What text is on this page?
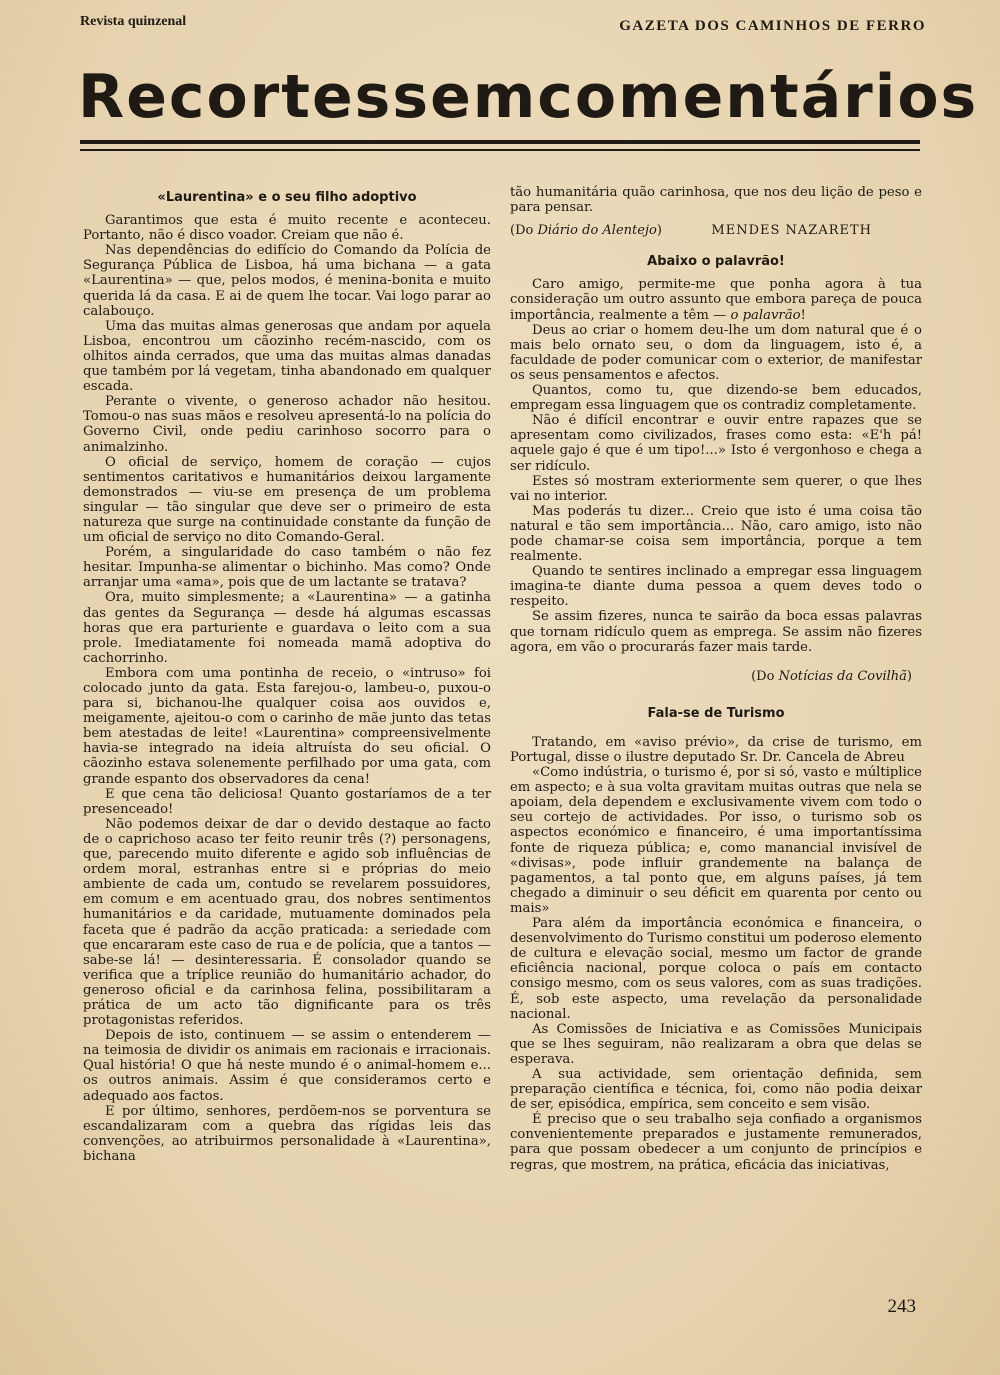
Revista quinzenal	GAZETA DOS CAMINHOS DE FERRO
Recortes sem comentários
«Laurentina» e o seu filho adoptivo

Garantimos que esta é muito recente e aconteceu. Portanto, não é disco voador. Creiam que não é.

Nas dependências do edifício do Comando da Polícia de Segurança Pública de Lisboa, há uma bichana — a gata «Laurentina» — que, pelos modos, é menina-bonita e muito querida lá da casa. E ai de quem lhe tocar. Vai logo parar ao calabouço.

Uma das muitas almas generosas que andam por aquela Lisboa, encontrou um cãozinho recém-nascido, com os olhitos ainda cerrados, que uma das muitas almas danadas que também por lá vegetam, tinha abandonado em qualquer escada.

Perante o vivente, o generoso achador não hesitou. Tomou-o nas suas mãos e resolveu apresentá-lo na polícia do Governo Civil, onde pediu carinhoso socorro para o animalzinho.

O oficial de serviço, homem de coração — cujos sentimentos caritativos e humanitários deixou largamente demonstrados — viu-se em presença de um problema singular — tão singular que deve ser o primeiro de esta natureza que surge na continuidade constante da função de um oficial de serviço no dito Comando-Geral.

Porém, a singularidade do caso também o não fez hesitar. Impunha-se alimentar o bichinho. Mas como? Onde arranjar uma «ama», pois que de um lactante se tratava?

Ora, muito simplesmente; a «Laurentina» — a gatinha das gentes da Segurança — desde há algumas escassas horas que era parturiente e guardava o leito com a sua prole. Imediatamente foi nomeada mamã adoptiva do cachorrinho.

Embora com uma pontinha de receio, o «intruso» foi colocado junto da gata. Esta farejou-o, lambeu-o, puxou-o para si, bichanou-lhe qualquer coisa aos ouvidos e, meigamente, ajeitou-o com o carinho de mãe junto das tetas bem atestadas de leite! «Laurentina» compreensivelmente havia-se integrado na ideia altruísta do seu oficial. O cãozinho estava solenemente perfilhado por uma gata, com grande espanto dos observadores da cena!

E que cena tão deliciosa! Quanto gostaríamos de a ter presenceado!

Não podemos deixar de dar o devido destaque ao facto de o caprichoso acaso ter feito reunir três (?) personagens, que, parecendo muito diferente e agido sob influências de ordem moral, estranhas entre si e próprias do meio ambiente de cada um, contudo se revelarem possuidores, em comum e em acentuado grau, dos nobres sentimentos humanitários e da caridade, mutuamente dominados pela faceta que é padrão da acção praticada: a seriedade com que encararam este caso de rua e de polícia, que a tantos — sabe-se lá! — desinteressaria. É consolador quando se verifica que a tríplice reunião do humanitário achador, do generoso oficial e da carinhosa felina, possibilitaram a prática de um acto tão dignificante para os três protagonistas referidos.

Depois de isto, continuem — se assim o entenderem — na teimosia de dividir os animais em racionais e irracionais. Qual história! O que há neste mundo é o animal-homem e... os outros animais. Assim é que consideramos certo e adequado aos factos.

E por último, senhores, perdõem-nos se porventura se escandalizaram com a quebra das rígidas leis das convenções, ao atribuirmos personalidade à «Laurentina», bichana

tão humanitária quão carinhosa, que nos deu lição de peso e para pensar.

(Do Diário do Alentejo)	MENDES NAZARETH
Abaixo o palavrão!

Caro amigo, permite-me que ponha agora à tua consideração um outro assunto que embora pareça de pouca importância, realmente a têm — o palavrão!

Deus ao criar o homem deu-lhe um dom natural que é o mais belo ornato seu, o dom da linguagem, isto é, a faculdade de poder comunicar com o exterior, de manifestar os seus pensamentos e afectos.

Quantos, como tu, que dizendo-se bem educados, empregam essa linguagem que os contradiz completamente.

Não é difícil encontrar e ouvir entre rapazes que se apresentam como civilizados, frases como esta: «E'h pá! aquele gajo é que é um tipo!...» Isto é vergonhoso e chega a ser ridículo.

Estes só mostram exteriormente sem querer, o que lhes vai no interior.

Mas poderás tu dizer... Creio que isto é uma coisa tão natural e tão sem importância... Não, caro amigo, isto não pode chamar-se coisa sem importância, porque a tem realmente.

Quando te sentires inclinado a empregar essa linguagem imagina-te diante duma pessoa a quem deves todo o respeito.

Se assim fizeres, nunca te sairão da boca essas palavras que tornam ridículo quem as emprega. Se assim não fizeres agora, em vão o procurarás fazer mais tarde.

(Do Notícias da Covilhã)
Fala-se de Turismo

Tratando, em «aviso prévio», da crise de turismo, em Portugal, disse o ilustre deputado Sr. Dr. Cancela de Abreu

«Como indústria, o turismo é, por si só, vasto e múltiplice em aspecto; e à sua volta gravitam muitas outras que nela se apoiam, dela dependem e exclusivamente vivem com todo o seu cortejo de actividades. Por isso, o turismo sob os aspectos económico e financeiro, é uma importantíssima fonte de riqueza pública; e, como manancial invisível de «divisas», pode influir grandemente na balança de pagamentos, a tal ponto que, em alguns países, já tem chegado a diminuir o seu déficit em quarenta por cento ou mais»

Para além da importância económica e financeira, o desenvolvimento do Turismo constitui um poderoso elemento de cultura e elevação social, mesmo um factor de grande eficiência nacional, porque coloca o país em contacto consigo mesmo, com os seus valores, com as suas tradições. É, sob este aspecto, uma revelação da personalidade nacional.

As Comissões de Iniciativa e as Comissões Municipais que se lhes seguiram, não realizaram a obra que delas se esperava.

A sua actividade, sem orientação definida, sem preparação científica e técnica, foi, como não podia deixar de ser, episódica, empírica, sem conceito e sem visão.

É preciso que o seu trabalho seja confiado a organismos convenientemente preparados e justamente remunerados, para que possam obedecer a um conjunto de princípios e regras, que mostrem, na prática, eficácia das iniciativas,

243
